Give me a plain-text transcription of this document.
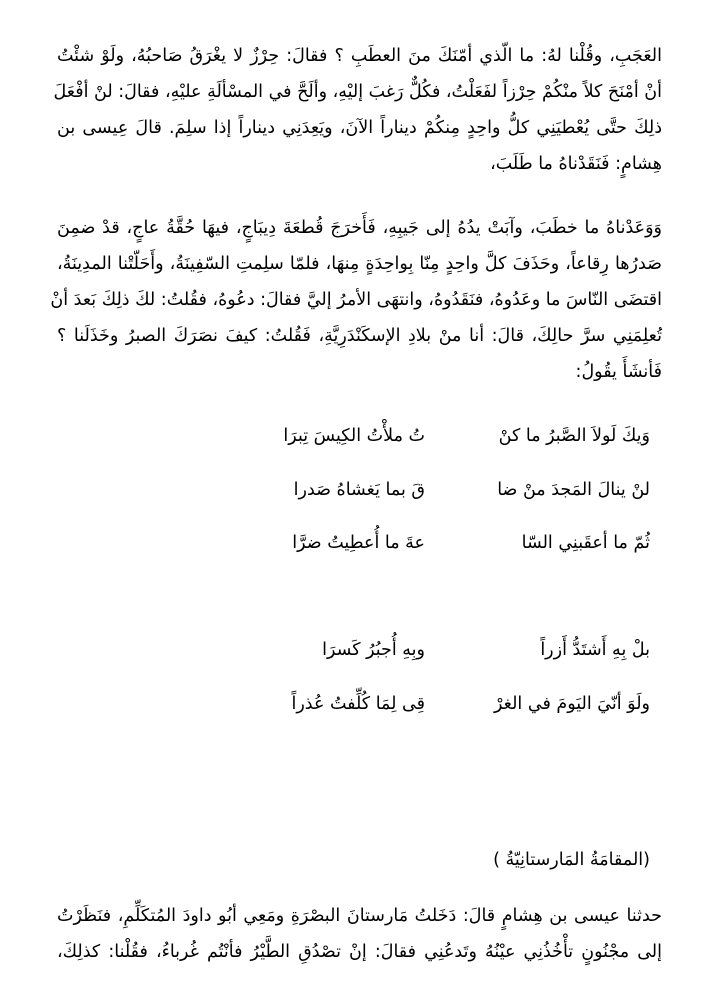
العَجَبِ، وقُلْنا لهُ: ما الّذي أمّنَكَ منَ العطَبِ ؟ فقالَ: حِرْزٌ لا يغْرَقُ صَاحبُهُ، ولَوْ شئْتُ
أنْ أمْنَحَ كلاً منْكُمْ حِرْزاً لفَعَلْتُ، فكُلٌّ رَغبَ إليْهِ، وألَحَّ في المسْألَةِ عليْهِ، فقالَ: لنْ أفْعَلَ
ذلِكَ حتَّى يُعْطيَنِي كلُّ واحِدٍ مِنكُمْ ديناراً الآنَ، ويَعِدَنِي ديناراً إذا سلِمَ. قالَ عِيسى بن
هِشامٍ: فَنَقَدْناهُ ما طَلَبَ،

وَوَعَدْناهُ ما خطَبَ، وآبَتْ يدُهُ إلى جَيبِهِ، فَأَخرَجَ قُطعَةَ دِيبَاجٍ، فيهَا حُقَّةُ عاجٍ، قدْ ضمِنَ
صَدرُها رِقاعاً، وحَذَفَ كلَّ واحِدٍ مِنّا بِواحِدَةٍ مِنهَا، فلمّا سلِمتِ السّفِينَةُ، وأَحَلّتْنا المدِينَةُ،
اقتضَى النّاسَ ما وعَدُوهُ، فنَقَدُوهُ، وانتهَى الأمرُ إليَّ فقالَ: دعُوهُ، فقُلتُ: لكَ ذلِكَ بَعدَ أنْ
تُعلِمَنِي سرَّ حالِكَ، قالَ: أنا منْ بلادِ الإسكَنْدَرِيَّةِ، فَقُلتُ: كيفَ نصَرَكَ الصبرُ وخَذَلَنا ؟
فَأنشَأَ يقُولُ:

وَيكَ لَولاَ الصَّبرُ ما كنْ
تُ ملأْتُ الكِيسَ تِبرَا
لنْ ينالَ المَجدَ منْ ضا
قَ بما يَغشاهُ صَدرا
ثُمّ ما أعقَبنِي السّا
عةَ ما أُعطِيتُ ضرَّا
بلْ بِهِ أَشتَدُّ أَزراً
وبِهِ أُجبُرُ كَسرَا
ولَوَ أنّيَ اليَومَ في الغرْ
قِى لِمَا كُلِّفتُ عُذراً
(المقامَةُ المَارستانِيّةُ )

حدثنا عيسى بن هِشامٍ قالَ: دَخَلتُ مَارستانَ البصْرَةِ ومَعِي أبُو داودَ المُتكَلِّمِ، فنَظَرْتُ
إلى مجْنُونٍ تأْخُذُنِي عيْنُهُ وتَدعُنِي فقالَ: إنْ تصْدُقِ الطَّيْرُ فأنْتُم غُرباءُ، فقُلْنا: كذلِكَ،
